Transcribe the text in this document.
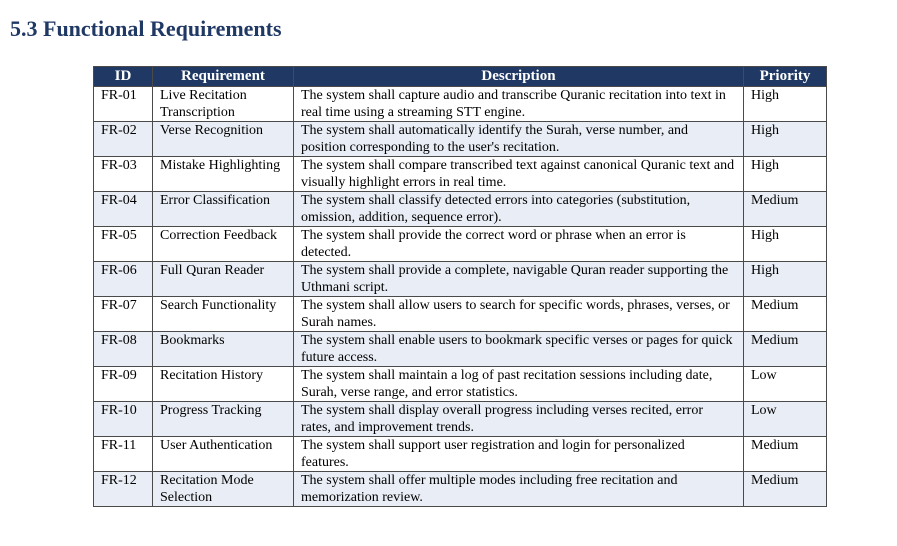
5.3 Functional Requirements
ID	Requirement	Description	Priority
FR-01	Live Recitation Transcription	The system shall capture audio and transcribe Quranic recitation into text in real time using a streaming STT engine.	High
FR-02	Verse Recognition	The system shall automatically identify the Surah, verse number, and position corresponding to the user's recitation.	High
FR-03	Mistake Highlighting	The system shall compare transcribed text against canonical Quranic text and visually highlight errors in real time.	High
FR-04	Error Classification	The system shall classify detected errors into categories (substitution, omission, addition, sequence error).	Medium
FR-05	Correction Feedback	The system shall provide the correct word or phrase when an error is detected.	High
FR-06	Full Quran Reader	The system shall provide a complete, navigable Quran reader supporting the Uthmani script.	High
FR-07	Search Functionality	The system shall allow users to search for specific words, phrases, verses, or Surah names.	Medium
FR-08	Bookmarks	The system shall enable users to bookmark specific verses or pages for quick future access.	Medium
FR-09	Recitation History	The system shall maintain a log of past recitation sessions including date, Surah, verse range, and error statistics.	Low
FR-10	Progress Tracking	The system shall display overall progress including verses recited, error rates, and improvement trends.	Low
FR-11	User Authentication	The system shall support user registration and login for personalized features.	Medium
FR-12	Recitation Mode Selection	The system shall offer multiple modes including free recitation and memorization review.	Medium
